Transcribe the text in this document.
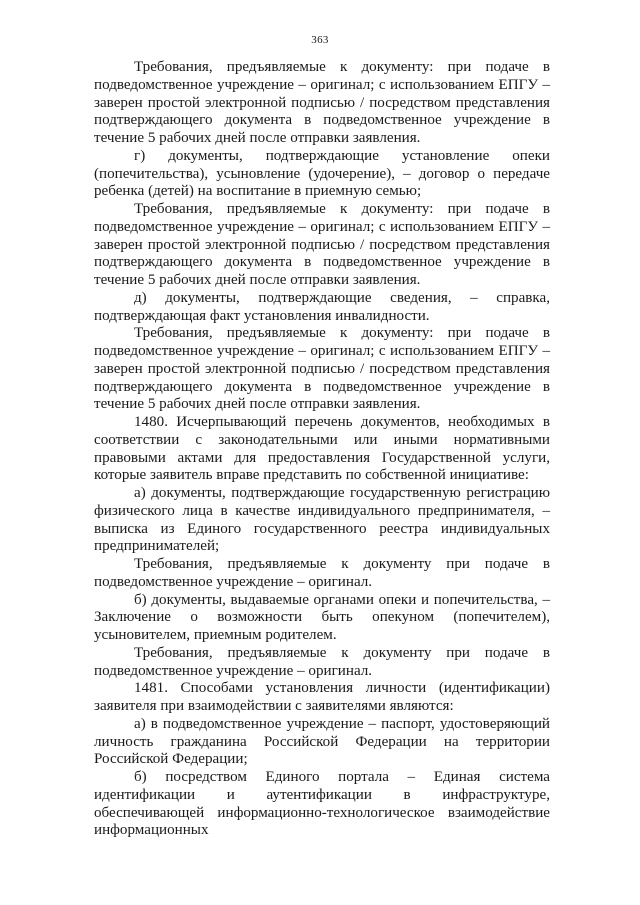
363

Требования, предъявляемые к документу: при подаче в подведомственное учреждение – оригинал; с использованием ЕПГУ – заверен простой электронной подписью / посредством представления подтверждающего документа в подведомственное учреждение в течение 5 рабочих дней после отправки заявления.

г) документы, подтверждающие установление опеки (попечительства), усыновление (удочерение), – договор о передаче ребенка (детей) на воспитание в приемную семью;

Требования, предъявляемые к документу: при подаче в подведомственное учреждение – оригинал; с использованием ЕПГУ – заверен простой электронной подписью / посредством представления подтверждающего документа в подведомственное учреждение в течение 5 рабочих дней после отправки заявления.

д) документы, подтверждающие сведения, – справка, подтверждающая факт установления инвалидности.

Требования, предъявляемые к документу: при подаче в подведомственное учреждение – оригинал; с использованием ЕПГУ – заверен простой электронной подписью / посредством представления подтверждающего документа в подведомственное учреждение в течение 5 рабочих дней после отправки заявления.

1480. Исчерпывающий перечень документов, необходимых в соответствии с законодательными или иными нормативными правовыми актами для предоставления Государственной услуги, которые заявитель вправе представить по собственной инициативе:

а) документы, подтверждающие государственную регистрацию физического лица в качестве индивидуального предпринимателя, – выписка из Единого государственного реестра индивидуальных предпринимателей;

Требования, предъявляемые к документу при подаче в подведомственное учреждение – оригинал.

б) документы, выдаваемые органами опеки и попечительства, – Заключение о возможности быть опекуном (попечителем), усыновителем, приемным родителем.

Требования, предъявляемые к документу при подаче в подведомственное учреждение – оригинал.

1481. Способами установления личности (идентификации) заявителя при взаимодействии с заявителями являются:

а) в подведомственное учреждение – паспорт, удостоверяющий личность гражданина Российской Федерации на территории Российской Федерации;

б) посредством Единого портала – Единая система идентификации и аутентификации в инфраструктуре, обеспечивающей информационно-технологическое взаимодействие информационных
